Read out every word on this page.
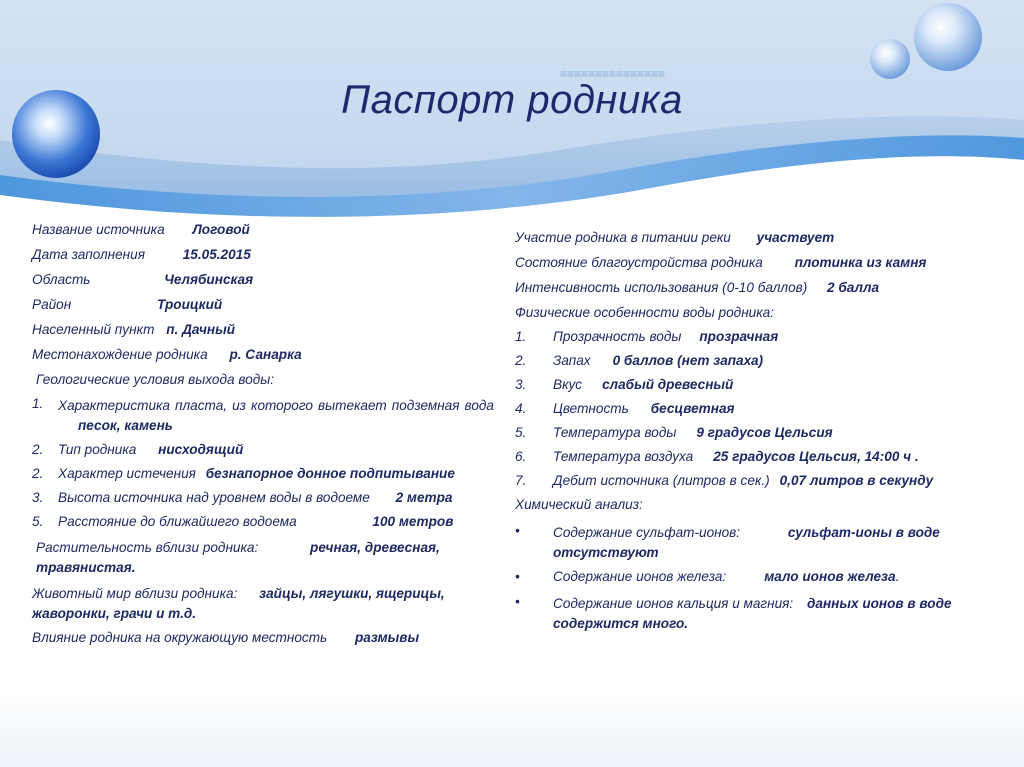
≡≡≡≡≡≡≡≡≡≡≡≡≡≡≡
Паспорт родника
Название источника Логовой
Дата заполнения	15.05.2015
Область	Челябинская
Район	Троицкий
Населенный пункт п. Дачный
Местонахождение родника р. Санарка
Геологические условия выхода воды:
1. Характеристика пласта, из которого вытекает подземная вода песок, камень
2. Тип родника нисходящий
2. Характер истечения безнапорное донное подпитывание
3. Высота источника над уровнем воды в водоеме 2 метра
5. Расстояние до ближайшего водоема	100 метров
Растительность вблизи родника:	речная, древесная, травянистая.
Животный мир вблизи родника: зайцы, лягушки, ящерицы, жаворонки, грачи и т.д.
Влияние родника на окружающую местность размывы
Участие родника в питании реки участвует
Состояние благоустройства родника плотинка из камня
Интенсивность использования (0-10 баллов) 2 балла
Физические особенности воды родника:
1. Прозрачность воды прозрачная
2. Запах 0 баллов (нет запаха)
3. Вкус слабый древесный
4. Цветность бесцветная
5. Температура воды 9 градусов Цельсия
6. Температура воздуха 25 градусов Цельсия, 14:00 ч .
7. Дебит источника (литров в сек.) 0,07 литров в секунду
Химический анализ:
• Содержание сульфат-ионов:	сульфат-ионы в воде отсутствуют
• Содержание ионов железа:	мало ионов железа.
• Содержание ионов кальция и магния: данных ионов в воде содержится много.
